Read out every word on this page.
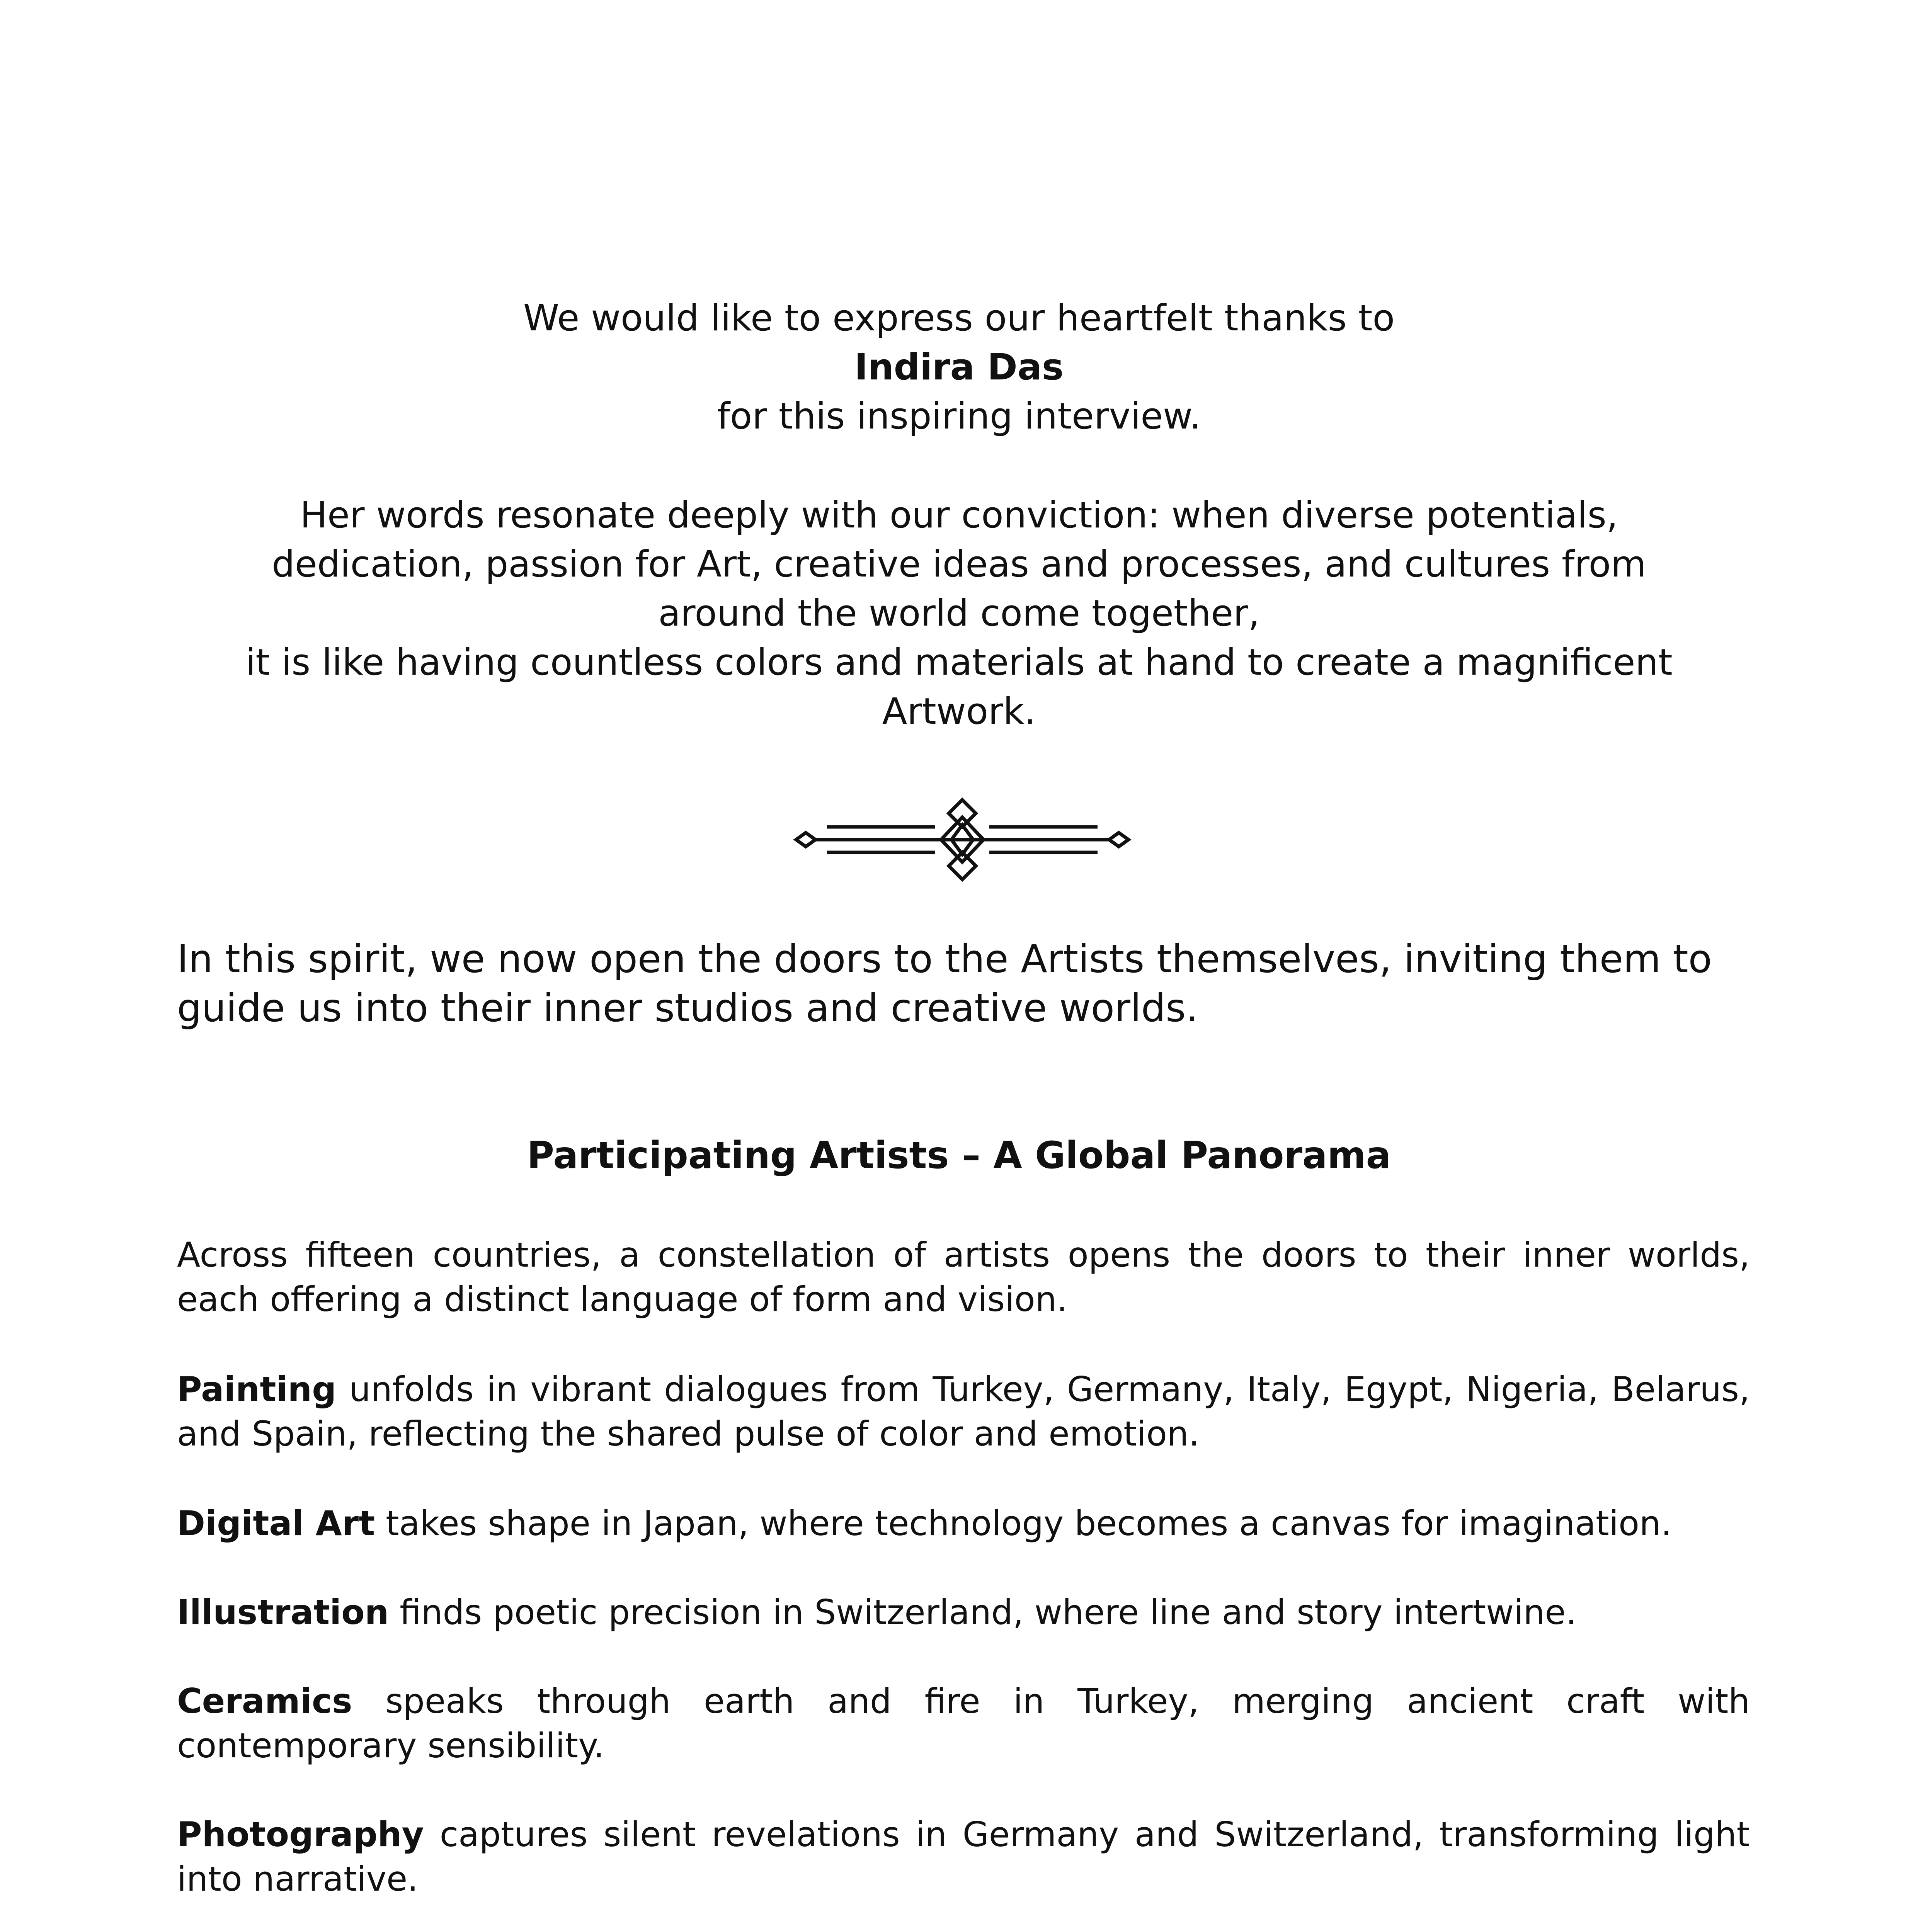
We would like to express our heartfelt thanks to
Indira Das
for this inspiring interview.
Her words resonate deeply with our conviction: when diverse potentials,
dedication, passion for Art, creative ideas and processes, and cultures from
around the world come together,
it is like having countless colors and materials at hand to create a magnificent
Artwork.
In this spirit, we now open the doors to the Artists themselves, inviting them to guide us into their inner studios and creative worlds.
Participating Artists – A Global Panorama
Across fifteen countries, a constellation of artists opens the doors to their inner worlds, each offering a distinct language of form and vision.
Painting unfolds in vibrant dialogues from Turkey, Germany, Italy, Egypt, Nigeria, Belarus, and Spain, reflecting the shared pulse of color and emotion.
Digital Art takes shape in Japan, where technology becomes a canvas for imagination.
Illustration finds poetic precision in Switzerland, where line and story intertwine.
Ceramics speaks through earth and fire in Turkey, merging ancient craft with contemporary sensibility.
Photography captures silent revelations in Germany and Switzerland, transforming light into narrative.
